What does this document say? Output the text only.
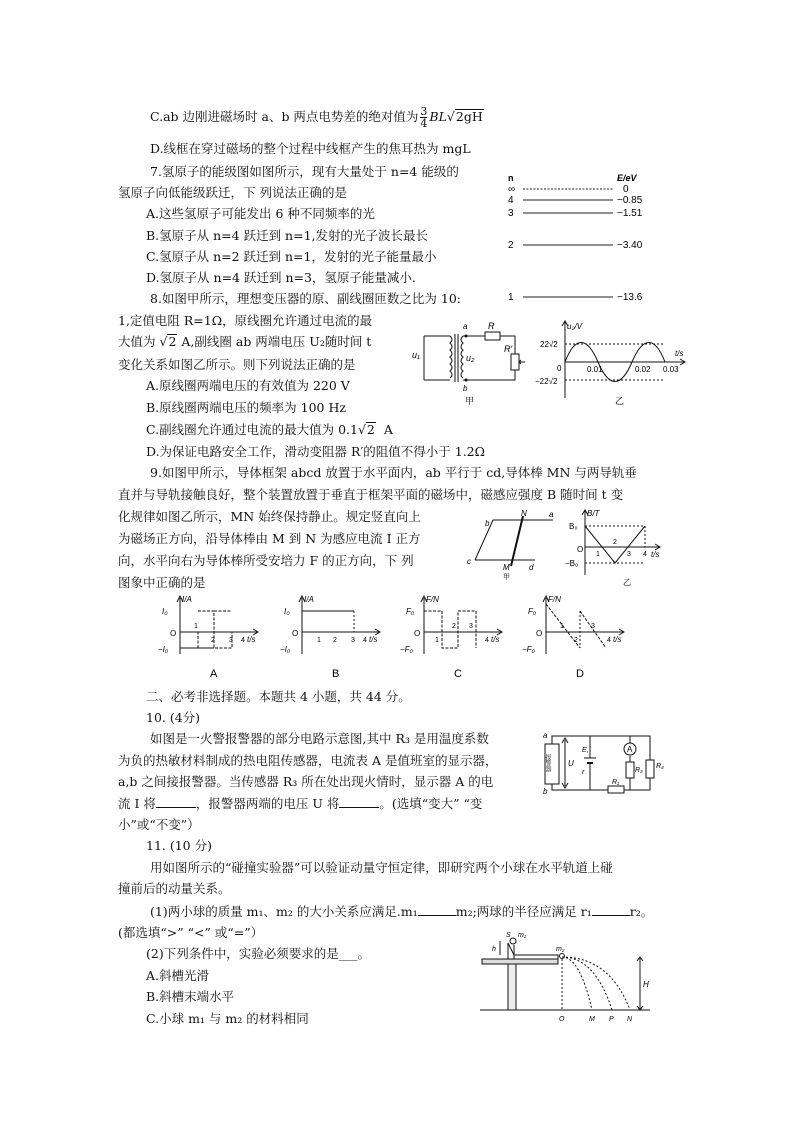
C.ab 边刚进磁场时 a、b 两点电势差的绝对值为 $\frac{3}{4} BL√2gH$
D.线框在穿过磁场的整个过程中线框产生的焦耳热为 mgL
7.氢原子的能级图如图所示，现有大量处于 n=4 能级的
氢原子向低能级跃迁，下 列说法正确的是
A.这些氢原子可能发出 6 种不同频率的光
B.氢原子从 n=4 跃迁到 n=1,发射的光子波长最长
C.氢原子从 n=2 跃迁到 n=1，发射的光子能量最小
D.氢原子从 n=4 跃迁到 n=3，氢原子能量减小.
n	E/eV
∞	0
4	−0.85
3	−1.51
2	−3.40
1	−13.6
8.如图甲所示，理想变压器的原、副线圈匝数之比为 10:
1,定值电阻 R=1Ω，原线圈允许通过电流的最
大值为 √2 A,副线圈 ab 两端电压 U₂随时间 t
变化关系如图乙所示。则下列说法正确的是
A.原线圈两端电压的有效值为 220 V
B.原线圈两端电压的频率为 100 Hz
C.副线圈允许通过电流的最大值为 0.1√2 A
D.为保证电路安全工作，滑动变阻器 R′的阻值不得小于 1.2Ω
u₁	u₂
R
R′
a
b
甲
u₂/V
t/s
22√2
−22√2
0	0.01	0.02 0.03
乙
9.如图甲所示，导体框架 abcd 放置于水平面内，ab 平行于 cd,导体棒 MN 与两导轨垂
直并与导轨接触良好，整个装置放置于垂直于框架平面的磁场中，磁感应强度 B 随时间 t 变
化规律如图乙所示，MN 始终保持静止。规定竖直向上
为磁场正方向，沿导体棒由 M 到 N 为感应电流 I 正方
向，水平向右为导体棒所受安培力 F 的正方向，下 列
图象中正确的是
b
a
c
d
N
M
甲
B/T
t/s
B₀
−B₀
O
1
2
3 4
乙
I/A
I₀
−I₀
O
t/s
1
2 3 4
A
I/A
I₀
−I₀
O
t/s
1 2 3 4
B
F/N
F₀
−F₀
O
t/s
1
2 3
4
C
F/N
F₀
−F₀
O
t/s
1
2
3
4
D
二、必考非选择题。本题共 4 小题，共 44 分。
10. (4分)
如图是一火警报警器的部分电路示意图,其中 R₃ 是用温度系数
为负的热敏材料制成的热电阻传感器，电流表 A 是值班室的显示器，
a,b 之间接报警器。当传感器 R₃ 所在处出现火情时，显示器 A 的电
流 I 将	，报警器两端的电压 U 将	。(选填“变大” “变
小”或“不变”）
a
b
报警器 U
E,
r
R₁
A
R₃
R₄
11. (10 分)
用如图所示的“碰撞实验器”可以验证动量守恒定律，即研究两个小球在水平轨道上碰
撞前后的动量关系。
(1)两小球的质量 m₁、m₂ 的大小关系应满足.m₁	m₂;两球的半径应满足 r₁	r₂。
(都选填“>” “<” 或“=”）
(2)下列条件中，实验必须要求的是___。
A.斜槽光滑
B.斜槽末端水平
C.小球 m₁ 与 m₂ 的材料相同
S m₁
h	m₂
H
O	M P N
